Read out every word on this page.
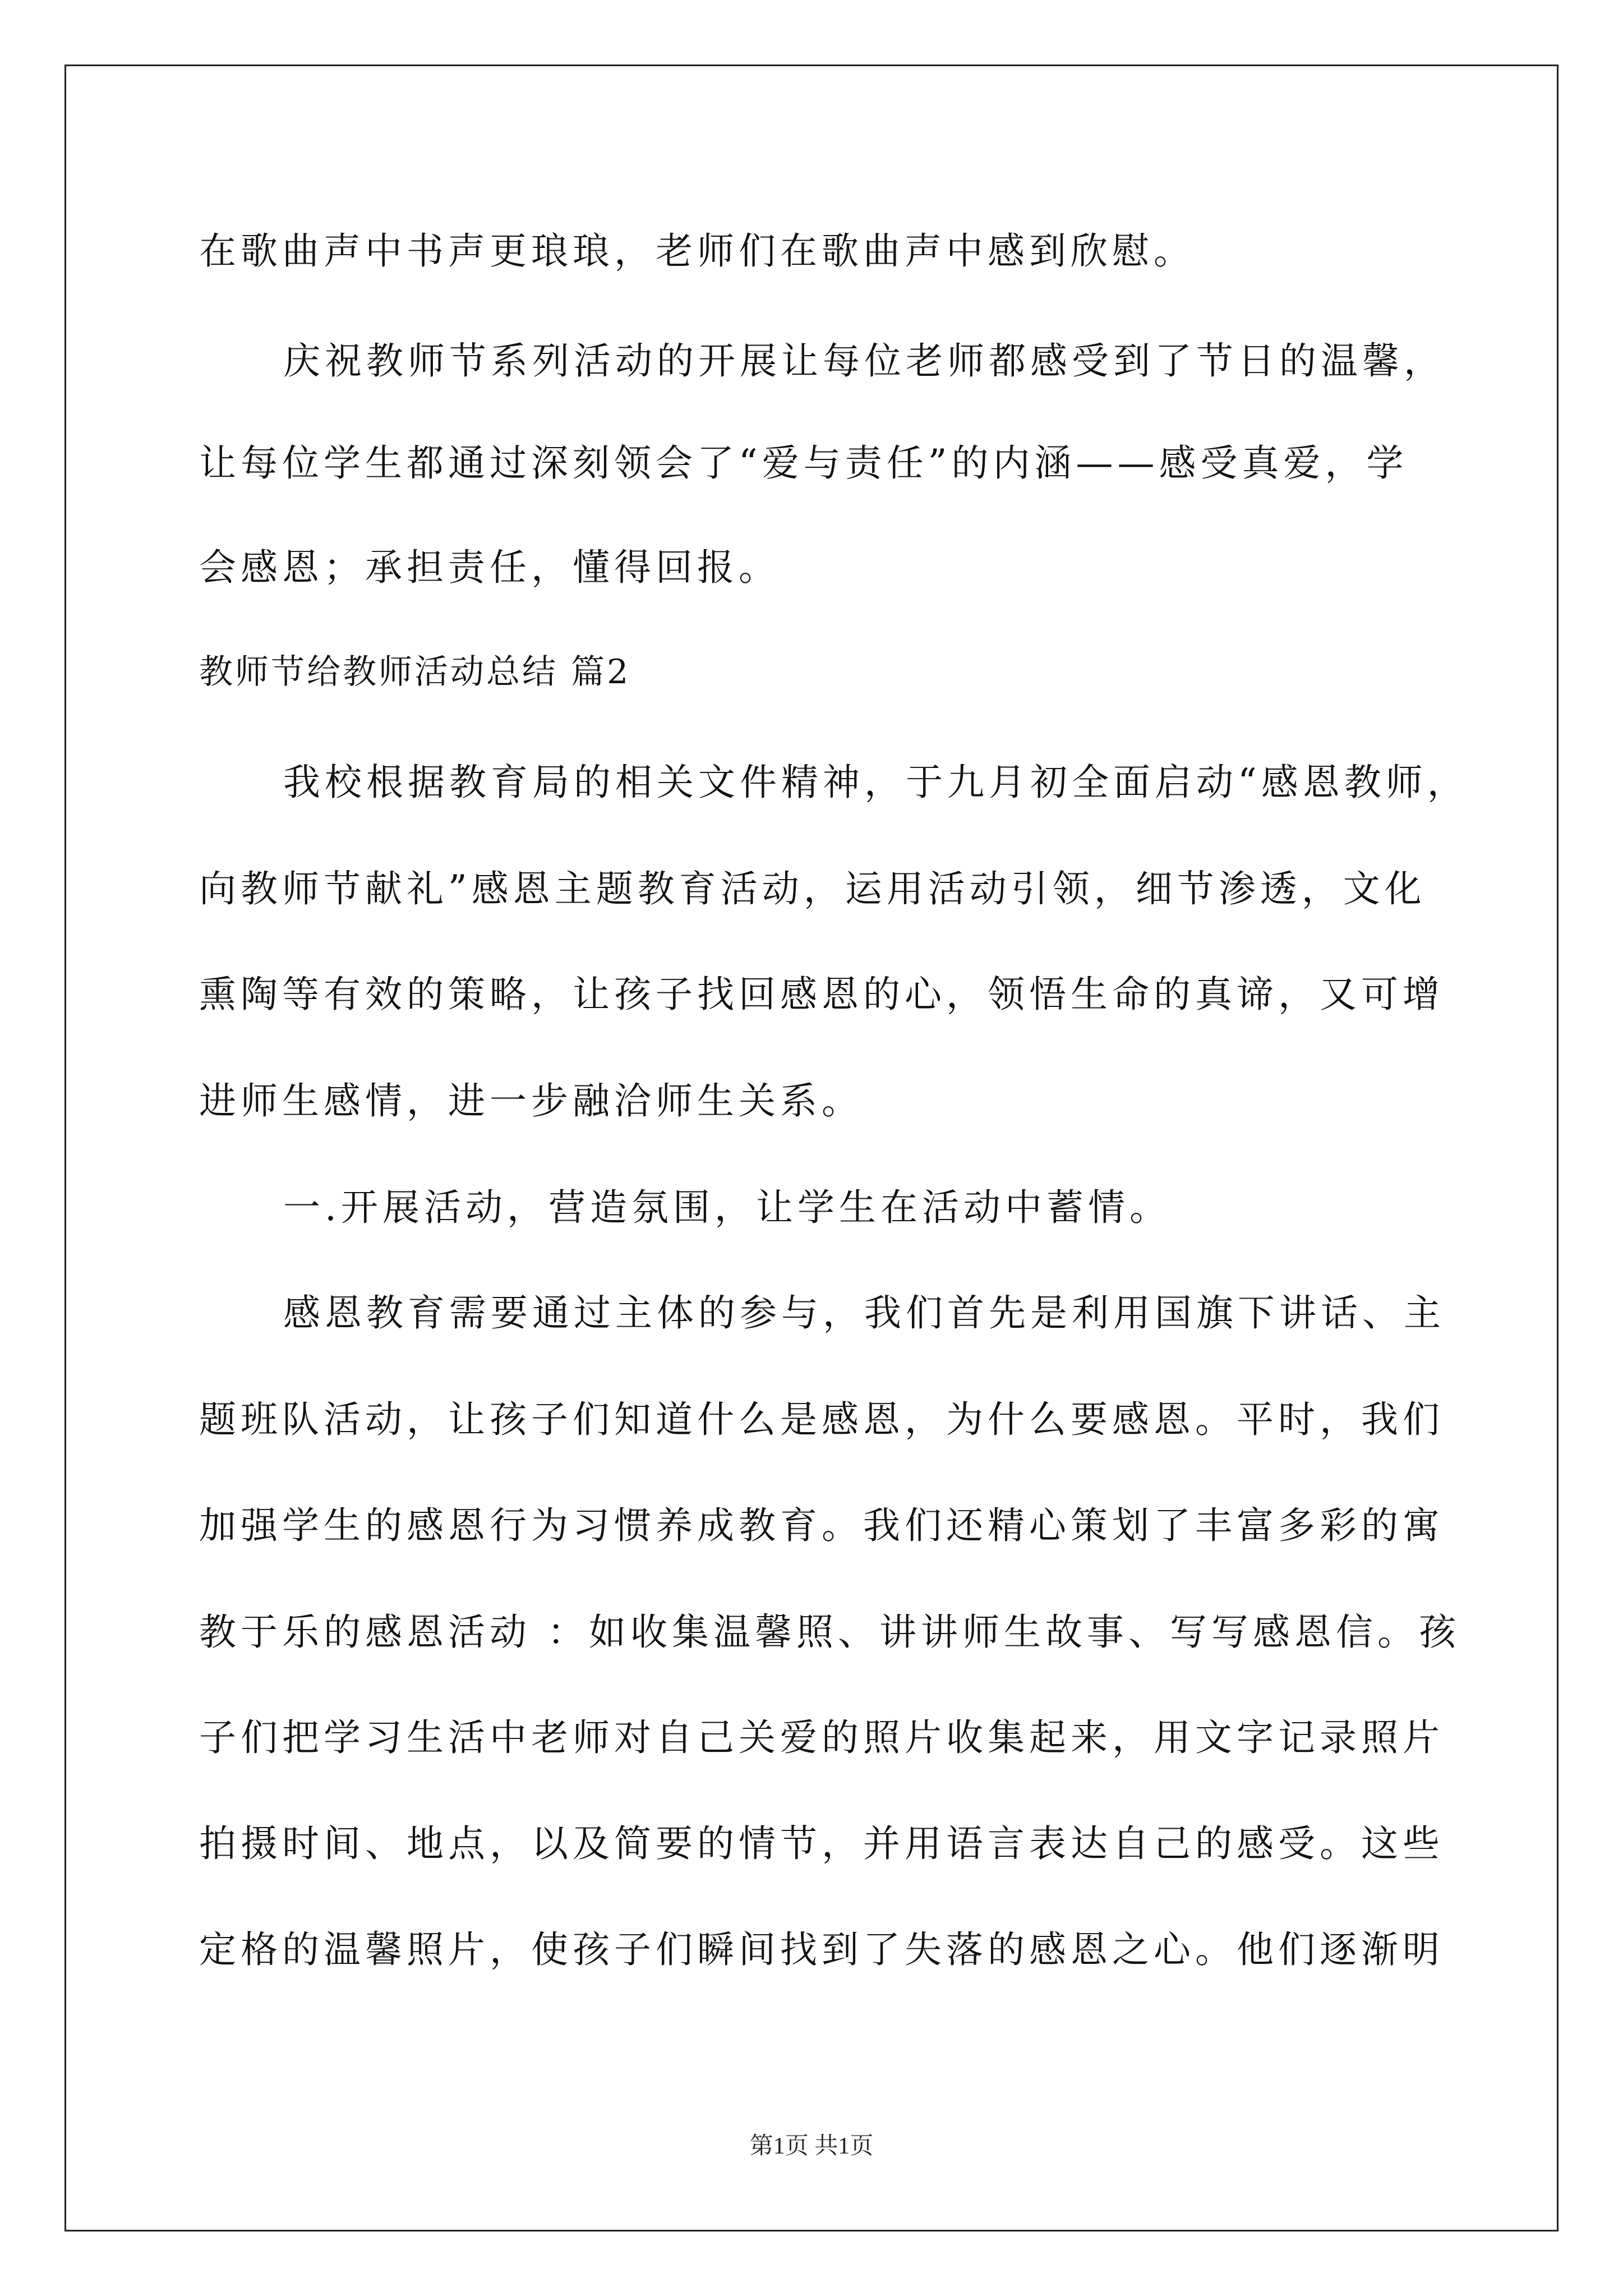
在歌曲声中书声更琅琅，老师们在歌曲声中感到欣慰。
庆祝教师节系列活动的开展让每位老师都感受到了节日的温馨，
让每位学生都通过深刻领会了“爱与责任”的内涵——感受真爱，学
会感恩；承担责任，懂得回报。
教师节给教师活动总结 篇2
我校根据教育局的相关文件精神，于九月初全面启动“感恩教师，
向教师节献礼”感恩主题教育活动，运用活动引领，细节渗透，文化
熏陶等有效的策略，让孩子找回感恩的心，领悟生命的真谛，又可增
进师生感情，进一步融洽师生关系。
一.开展活动，营造氛围，让学生在活动中蓄情。
感恩教育需要通过主体的参与，我们首先是利用国旗下讲话、主
题班队活动，让孩子们知道什么是感恩，为什么要感恩。平时，我们
加强学生的感恩行为习惯养成教育。我们还精心策划了丰富多彩的寓
教于乐的感恩活动 ：如收集温馨照、讲讲师生故事、写写感恩信。孩
子们把学习生活中老师对自己关爱的照片收集起来，用文字记录照片
拍摄时间、地点，以及简要的情节，并用语言表达自己的感受。这些
定格的温馨照片，使孩子们瞬间找到了失落的感恩之心。他们逐渐明
第1页 共1页
